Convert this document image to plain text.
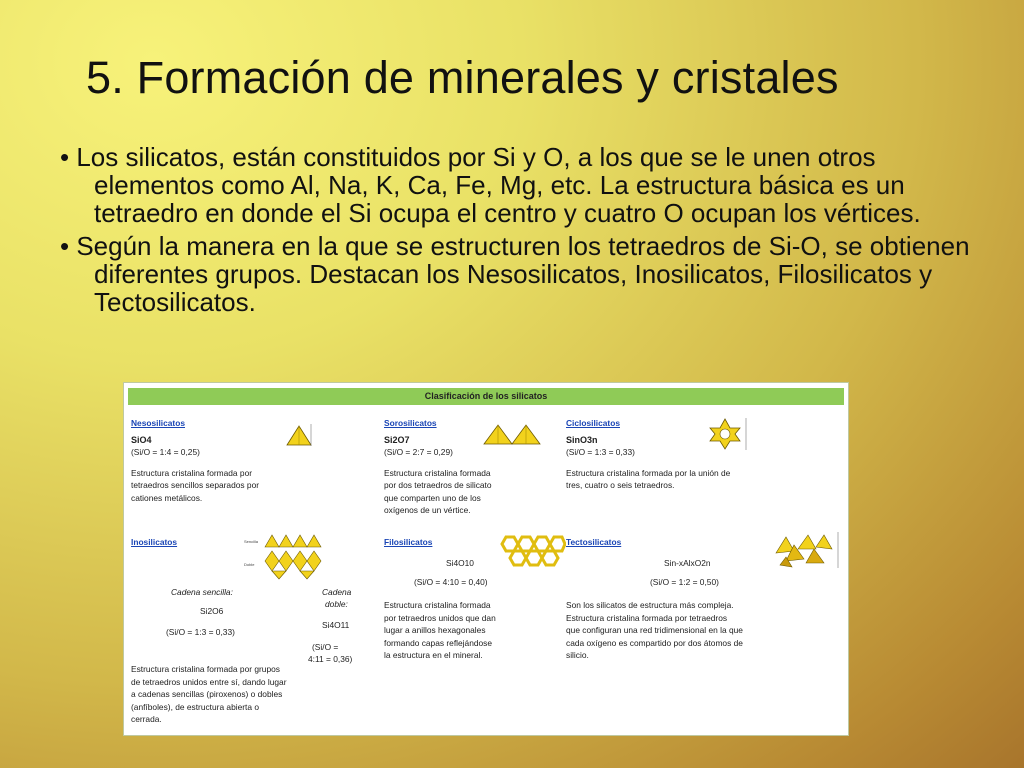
5. Formación de minerales y cristales

• Los silicatos, están constituidos por Si y O, a los que se le unen otros elementos como Al, Na, K, Ca, Fe, Mg, etc. La estructura básica es un tetraedro en donde el Si ocupa el centro y cuatro O ocupan los vértices.

• Según la manera en la que se estructuren los tetraedros de Si-O, se obtienen diferentes grupos. Destacan los Nesosilicatos, Inosilicatos, Filosilicatos y Tectosilicatos.

Clasificación de los silicatos

Nesosilicatos

SiO4

(Si/O = 1:4 = 0,25)

Estructura cristalina formada por

tetraedros sencillos separados por

cationes metálicos.

Sorosilicatos

Si2O7

(Si/O = 2:7 = 0,29)

Estructura cristalina formada

por dos tetraedros de silicato

que comparten uno de los

oxígenos de un vértice.

Ciclosilicatos

SinO3n

(Si/O = 1:3 = 0,33)

Estructura cristalina formada por la unión de

tres, cuatro o seis tetraedros.

Inosilicatos	Sencilla
Doble
Cadena sencilla:
Si2O6
(Si/O = 1:3 = 0,33)
Cadena
doble:
Si4O11
(Si/O =
4:11 = 0,36)

Estructura cristalina formada por grupos

de tetraedros unidos entre sí, dando lugar

a cadenas sencillas (piroxenos) o dobles

(anfíboles), de estructura abierta o

cerrada.

Filosilicatos

Si4O10
(Si/O = 4:10 = 0,40)

Estructura cristalina formada

por tetraedros unidos que dan

lugar a anillos hexagonales

formando capas reflejándose

la estructura en el mineral.

Tectosilicatos

Sin-xAlxO2n
(Si/O = 1:2 = 0,50)

Son los silicatos de estructura más compleja.

Estructura cristalina formada por tetraedros

que configuran una red tridimensional en la que

cada oxígeno es compartido por dos átomos de

silicio.
